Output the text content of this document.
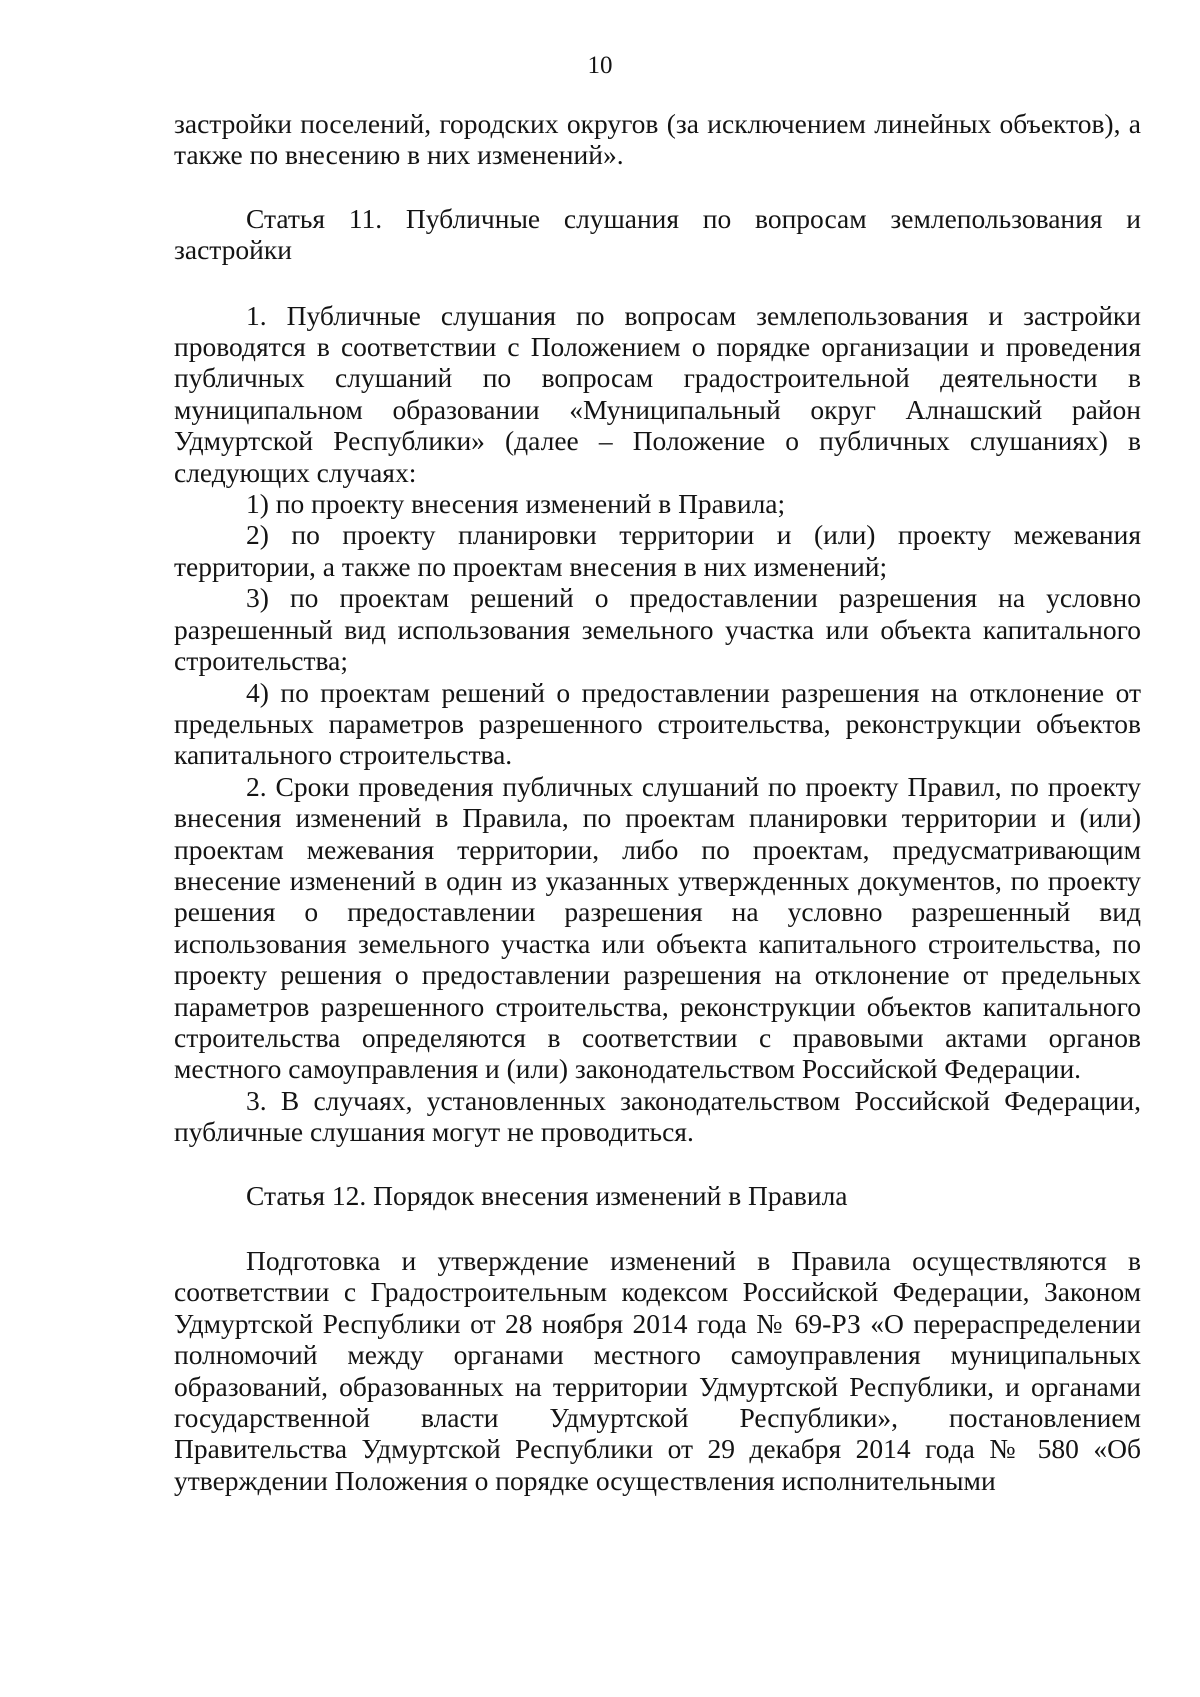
10

застройки поселений, городских округов (за исключением линейных объектов), а также по внесению в них изменений».

Статья 11. Публичные слушания по вопросам землепользования и застройки

1. Публичные слушания по вопросам землепользования и застройки проводятся в соответствии с Положением о порядке организации и проведения публичных слушаний по вопросам градостроительной деятельности в муниципальном образовании «Муниципальный округ Алнашский район Удмуртской Республики» (далее – Положение о публичных слушаниях) в следующих случаях:

1) по проекту внесения изменений в Правила;

2) по проекту планировки территории и (или) проекту межевания территории, а также по проектам внесения в них изменений;

3) по проектам решений о предоставлении разрешения на условно разрешенный вид использования земельного участка или объекта капитального строительства;

4) по проектам решений о предоставлении разрешения на отклонение от предельных параметров разрешенного строительства, реконструкции объектов капитального строительства.

2. Сроки проведения публичных слушаний по проекту Правил, по проекту внесения изменений в Правила, по проектам планировки территории и (или) проектам межевания территории, либо по проектам, предусматривающим внесение изменений в один из указанных утвержденных документов, по проекту решения о предоставлении разрешения на условно разрешенный вид использования земельного участка или объекта капитального строительства, по проекту решения о предоставлении разрешения на отклонение от предельных параметров разрешенного строительства, реконструкции объектов капитального строительства определяются в соответствии с правовыми актами органов местного самоуправления и (или) законодательством Российской Федерации.

3. В случаях, установленных законодательством Российской Федерации, публичные слушания могут не проводиться.

Статья 12. Порядок внесения изменений в Правила

Подготовка и утверждение изменений в Правила осуществляются в соответствии с Градостроительным кодексом Российской Федерации, Законом Удмуртской Республики от 28 ноября 2014 года № 69-РЗ «О перераспределении полномочий между органами местного самоуправления муниципальных образований, образованных на территории Удмуртской Республики, и органами государственной власти Удмуртской Республики», постановлением Правительства Удмуртской Республики от 29 декабря 2014 года № 580 «Об утверждении Положения о порядке осуществления исполнительными
